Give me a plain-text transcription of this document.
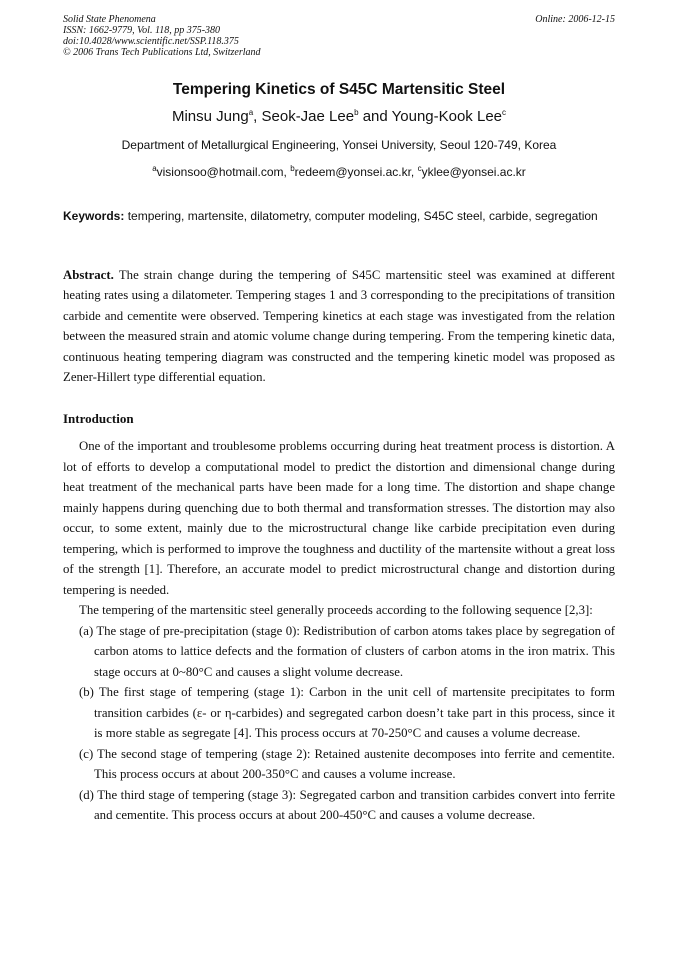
Solid State Phenomena
ISSN: 1662-9779, Vol. 118, pp 375-380
doi:10.4028/www.scientific.net/SSP.118.375
© 2006 Trans Tech Publications Ltd, Switzerland
Online: 2006-12-15
Tempering Kinetics of S45C Martensitic Steel
Minsu Jung$^a$, Seok-Jae Lee$^b$ and Young-Kook Lee$^c$
Department of Metallurgical Engineering, Yonsei University, Seoul 120-749, Korea
$^a$visionsoo@hotmail.com, $^b$redeem@yonsei.ac.kr, $^c$yklee@yonsei.ac.kr
Keywords: tempering, martensite, dilatometry, computer modeling, S45C steel, carbide, segregation
Abstract. The strain change during the tempering of S45C martensitic steel was examined at different heating rates using a dilatometer. Tempering stages 1 and 3 corresponding to the precipitations of transition carbide and cementite were observed. Tempering kinetics at each stage was investigated from the relation between the measured strain and atomic volume change during tempering. From the tempering kinetic data, continuous heating tempering diagram was constructed and the tempering kinetic model was proposed as Zener-Hillert type differential equation.
Introduction

One of the important and troublesome problems occurring during heat treatment process is distortion. A lot of efforts to develop a computational model to predict the distortion and dimensional change during heat treatment of the mechanical parts have been made for a long time. The distortion and shape change mainly happens during quenching due to both thermal and transformation stresses. The distortion may also occur, to some extent, mainly due to the microstructural change like carbide precipitation even during tempering, which is performed to improve the toughness and ductility of the martensite without a great loss of the strength [1]. Therefore, an accurate model to predict microstructural change and distortion during tempering is needed.

The tempering of the martensitic steel generally proceeds according to the following sequence [2,3]:

(a) The stage of pre-precipitation (stage 0): Redistribution of carbon atoms takes place by segregation of carbon atoms to lattice defects and the formation of clusters of carbon atoms in the iron matrix. This stage occurs at 0~80°C and causes a slight volume decrease.
(b) The first stage of tempering (stage 1): Carbon in the unit cell of martensite precipitates to form transition carbides (ε- or η-carbides) and segregated carbon doesn’t take part in this process, since it is more stable as segregate [4]. This process occurs at 70-250°C and causes a volume decrease.
(c) The second stage of tempering (stage 2): Retained austenite decomposes into ferrite and cementite. This process occurs at about 200-350°C and causes a volume increase.
(d) The third stage of tempering (stage 3): Segregated carbon and transition carbides convert into ferrite and cementite. This process occurs at about 200-450°C and causes a volume decrease.
